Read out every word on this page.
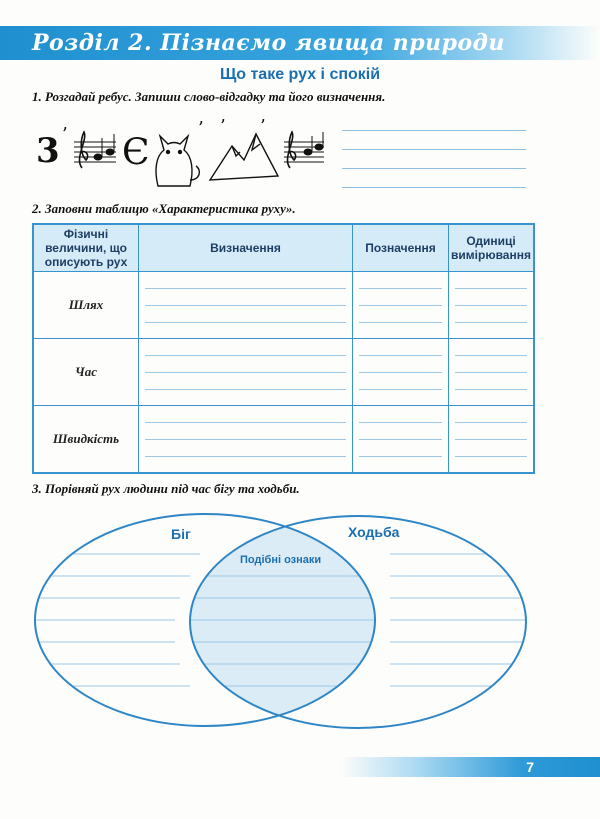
Розділ 2. Пізнаємо явища природи
Що таке рух і спокій
1. Розгадай ребус. Запиши слово-відгадку та його визначення.
3 ’ Є
’ ’ ’
2. Заповни таблицю «Характеристика руху».
Фізичні величини, що описують рух	Визначення	Позначення	Одиниці вимірювання
Шлях	

Час	

Швидкість	

3. Порівняй рух людини під час бігу та ходьби.
Біг	Ходьба
Подібні ознаки
7
